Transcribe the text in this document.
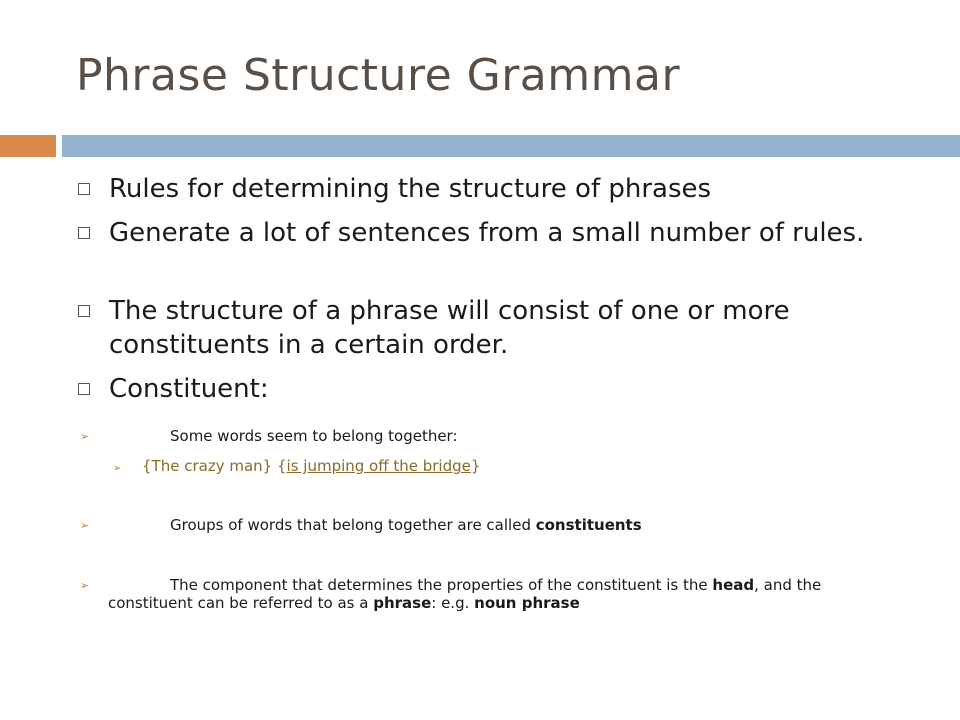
Phrase Structure Grammar
Rules for determining the structure of phrases
Generate a lot of sentences from a small number of rules.
The structure of a phrase will consist of one or more constituents in a certain order.
Constituent:
➢	Some words seem to belong together:
➢ {The crazy man} {is jumping off the bridge}
➢	Groups of words that belong together are called constituents
➢	The component that determines the properties of the constituent is the head, and the constituent can be referred to as a phrase: e.g. noun phrase
